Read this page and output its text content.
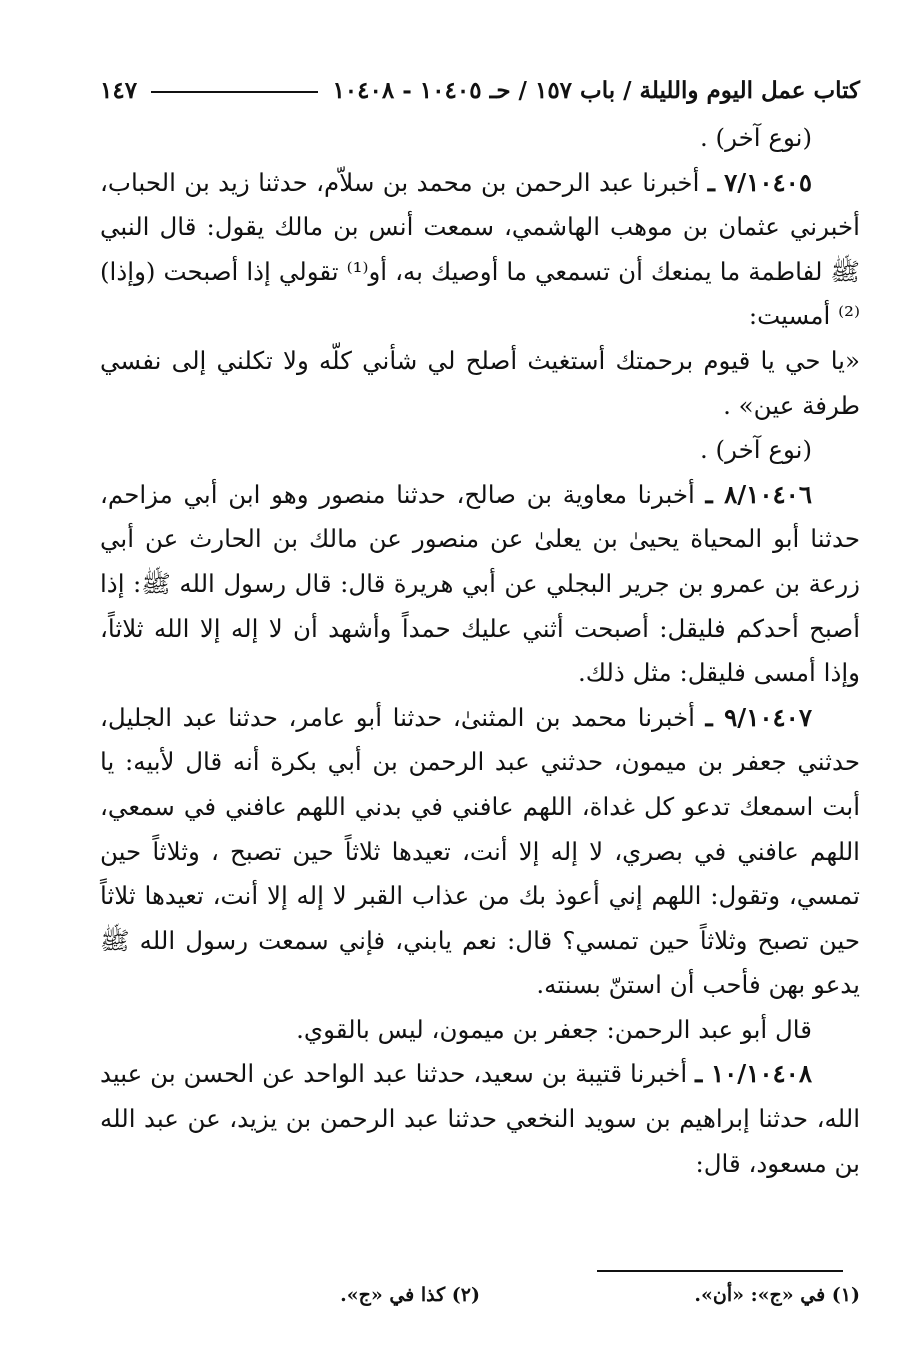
كتاب عمل اليوم والليلة / باب ١٥٧ / حـ ١٠٤٠٥ - ١٠٤٠٨
١٤٧

(نوع آخر) .

٧/١٠٤٠٥ ـ أخبرنا عبد الرحمن بن محمد بن سلاّم، حدثنا زيد بن الحباب، أخبرني عثمان بن موهب الهاشمي، سمعت أنس بن مالك يقول: قال النبي ﷺ لفاطمة ما يمنعك أن تسمعي ما أوصيك به، أو⁽¹⁾ تقولي إذا أصبحت (وإذا)⁽²⁾ أمسيت:

«يا حي يا قيوم برحمتك أستغيث أصلح لي شأني كلّه ولا تكلني إلى نفسي طرفة عين» .

(نوع آخر) .

٨/١٠٤٠٦ ـ أخبرنا معاوية بن صالح، حدثنا منصور وهو ابن أبي مزاحم، حدثنا أبو المحياة يحيىٰ بن يعلىٰ عن منصور عن مالك بن الحارث عن أبي زرعة بن عمرو بن جرير البجلي عن أبي هريرة قال: قال رسول الله ﷺ: إذا أصبح أحدكم فليقل: أصبحت أثني عليك حمداً وأشهد أن لا إله إلا الله ثلاثاً، وإذا أمسى فليقل: مثل ذلك.

٩/١٠٤٠٧ ـ أخبرنا محمد بن المثنىٰ، حدثنا أبو عامر، حدثنا عبد الجليل، حدثني جعفر بن ميمون، حدثني عبد الرحمن بن أبي بكرة أنه قال لأبيه: يا أبت اسمعك تدعو كل غداة، اللهم عافني في بدني اللهم عافني في سمعي، اللهم عافني في بصري، لا إله إلا أنت، تعيدها ثلاثاً حين تصبح ، وثلاثاً حين تمسي، وتقول: اللهم إني أعوذ بك من عذاب القبر لا إله إلا أنت، تعيدها ثلاثاً حين تصبح وثلاثاً حين تمسي؟ قال: نعم يابني، فإني سمعت رسول الله ﷺ يدعو بهن فأحب أن استنّ بسنته.

قال أبو عبد الرحمن: جعفر بن ميمون، ليس بالقوي.

١٠/١٠٤٠٨ ـ أخبرنا قتيبة بن سعيد، حدثنا عبد الواحد عن الحسن بن عبيد الله، حدثنا إبراهيم بن سويد النخعي حدثنا عبد الرحمن بن يزيد، عن عبد الله بن مسعود، قال:

(١) في «ج»: «أن».
(٢) كذا في «ج».
